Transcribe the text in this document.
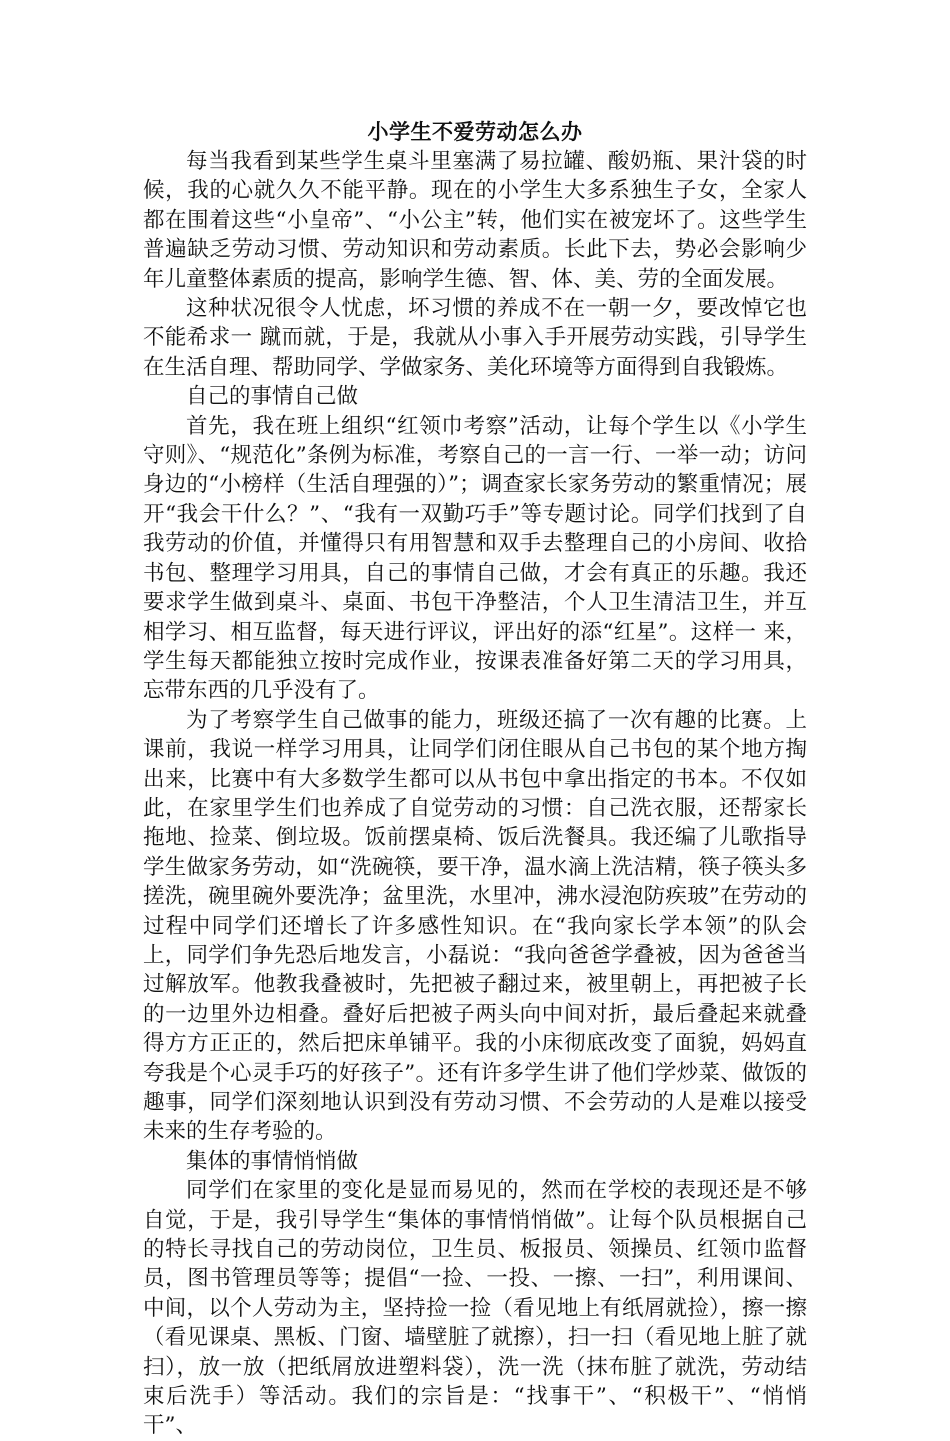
小学生不爱劳动怎么办

每当我看到某些学生桌斗里塞满了易拉罐、酸奶瓶、果汁袋的时候，我的心就久久不能平静。现在的小学生大多系独生子女，全家人都在围着这些“小皇帝”、“小公主”转，他们实在被宠坏了。这些学生普遍缺乏劳动习惯、劳动知识和劳动素质。长此下去，势必会影响少年儿童整体素质的提高，影响学生德、智、体、美、劳的全面发展。

这种状况很令人忧虑，坏习惯的养成不在一朝一夕，要改悼它也不能希求一 蹴而就，于是，我就从小事入手开展劳动实践，引导学生在生活自理、帮助同学、学做家务、美化环境等方面得到自我锻炼。

自己的事情自己做

首先，我在班上组织“红领巾考察”活动，让每个学生以《小学生守则》、“规范化”条例为标准，考察自己的一言一行、一举一动；访问身边的“小榜样（生活自理强的）”；调查家长家务劳动的繁重情况；展开“我会干什么？”、“我有一双勤巧手”等专题讨论。同学们找到了自我劳动的价值，并懂得只有用智慧和双手去整理自己的小房间、收拾书包、整理学习用具，自己的事情自己做，才会有真正的乐趣。我还要求学生做到桌斗、桌面、书包干净整洁，个人卫生清洁卫生，并互相学习、相互监督，每天进行评议，评出好的添“红星”。这样一 来，学生每天都能独立按时完成作业，按课表准备好第二天的学习用具，忘带东西的几乎没有了。

为了考察学生自己做事的能力，班级还搞了一次有趣的比赛。上课前，我说一样学习用具，让同学们闭住眼从自己书包的某个地方掏出来，比赛中有大多数学生都可以从书包中拿出指定的书本。不仅如此，在家里学生们也养成了自觉劳动的习惯：自己洗衣服，还帮家长拖地、捡菜、倒垃圾。饭前摆桌椅、饭后洗餐具。我还编了儿歌指导学生做家务劳动，如“洗碗筷，要干净，温水滴上洗洁精，筷子筷头多搓洗，碗里碗外要洗净；盆里洗，水里冲，沸水浸泡防疾玻”在劳动的过程中同学们还增长了许多感性知识。在“我向家长学本领”的队会上，同学们争先恐后地发言，小磊说：“我向爸爸学叠被，因为爸爸当过解放军。他教我叠被时，先把被子翻过来，被里朝上，再把被子长的一边里外边相叠。叠好后把被子两头向中间对折，最后叠起来就叠得方方正正的，然后把床单铺平。我的小床彻底改变了面貌，妈妈直夸我是个心灵手巧的好孩子”。还有许多学生讲了他们学炒菜、做饭的趣事，同学们深刻地认识到没有劳动习惯、不会劳动的人是难以接受未来的生存考验的。

集体的事情悄悄做

同学们在家里的变化是显而易见的，然而在学校的表现还是不够自觉，于是，我引导学生“集体的事情悄悄做”。让每个队员根据自己的特长寻找自己的劳动岗位，卫生员、板报员、领操员、红领巾监督员，图书管理员等等；提倡“一捡、一投、一擦、一扫”，利用课间、中间，以个人劳动为主，坚持捡一捡（看见地上有纸屑就捡），擦一擦（看见课桌、黑板、门窗、墙壁脏了就擦），扫一扫（看见地上脏了就扫），放一放（把纸屑放进塑料袋），洗一洗（抹布脏了就洗，劳动结束后洗手）等活动。我们的宗旨是：“找事干”、“积极干”、“悄悄干”、
